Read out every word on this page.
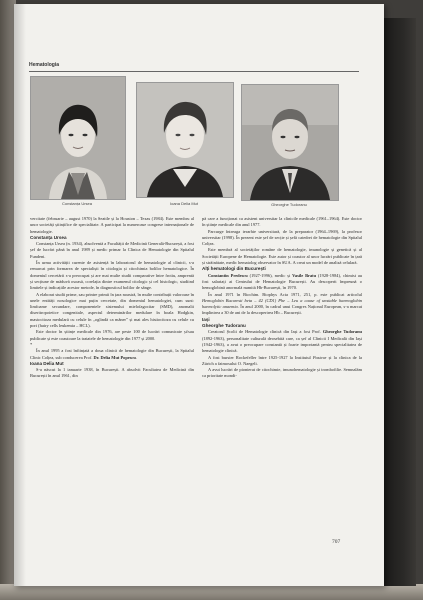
Hematologia
Constanța Ursea	Ioana Delia Mut	Gheorghe Tudoranu

vercitate (februarie – august 1970) la Seattle și la Houston – Texas (1984). Este membru al unor societăți științifice de specialitate. A participat la numeroase congrese internaționale de hematologie.

Constanța Ursea

Constanța Ursea (n. 1934), absolventă a Facultății de Medicină Generală-București, a fost șef de lucrări până în anul 1989 și medic primar la Clinica de Hematologie din Spitalul Fundeni.

În urma activității curente de asistență în laboratorul de hematologie al clinicii, s-a remarcat prin formarea de specialiști în citologia și citochimia bolilor hematologice. În domeniul cercetării s-a preocupat și are mai multe studii comparative între frotiu, amprentă și secțiune de măduvă osoasă, corelația dintre examenul citologic și cel histologic, studiind limitele și indicațiile acestor metode, în diagnosticul bolilor de sânge.

A elaborat studii prime, sau printre primii în țara noastră, în multe contribuții valoroase în unele entități nosologice mai puțin cercetate, din domeniul hematologiei, cum sunt: limfoame secundare, componentele sistemului mielofagocitar (SMD), anomalii diseritropoietice congenitale, aspectul determinărilor medulare în boala Hodgkin, mastocitoza medulară cu celule în „oglindă ca mâner” și mai ales histiocitoza cu celule cu pori (hairy cells leukemia – HCL).

Este doctor în științe medicale din 1976, are peste 100 de lucrări comunicate și/sau publicate și este coautoare la tratatele de hematologie din 1977 și 2000.

*

În anul 1995 a fost înființată a doua clinică de hematologie din București, la Spitalul Clinic Colțea, sub conducerea Prof. Dr. Delia Mut Popescu.

Ioana Delia Mut

S-a născut la 1 ianuarie 1938, în București. A absolvit Facultatea de Medicină din București în anul 1961, din

pă care a funcționat ca asistent universitar la clinicile medicale (1961–1964). Este doctor în științe medicale din anul 1977.

Parcurge întreaga ierarhie universitară, de la preparator (1964–1969), la profesor universitar (1998). În prezent este șef de secție și șefă catedrei de hematologie din Spitalul Colțea.

Este membră al societăților române de hematologie, imunologie și genetică și al Societății Europene de Hematologie. Este autor și coautor al unor lucrări publicate în țară și străinătate, medic hematolog observator în SUA. A creat un model de analiză celulară.

Alți hematologi din București

Constantin Predescu (1927-1996), medic și Vasile Bratu (1928-1984), chimist au fost salariați ai Centrului de Hematologie București. Au descoperit împreună o hemoglobină anormală numită Hb-București, în 1970.

În anul 1971 în Biochim. Biophys Acta 1971, 251, p. este publicat articolul Hemoglobin Bucuresti beta – 42 (CD1) Phe – Leu a cause of unstable haemoglobin haemolytic anaemia. În anul 2000, în cadrul unui Congres Național European, s-a marcat împlinirea a 30 de ani de la descoperirea Hb – București.

Iași

Gheorghe Tudoranu

Creatorul Școlii de Hematologie clinică din Iași a fost Prof. Gheorghe Tudoranu (1892-1963), personalitate culturală deosebită care, ca șef al Clinicii I Medicală din Iași (1942-1963), a avut o preocupare constantă și foarte importantă pentru specialitatea de hematologie clinică.

A fost bursier Rockefeller între 1925-1927 la Institutul Pasteur și la clinica de la Zürich a faimosului O. Naegeli.

A avut lucrări de pionierat de citochimie, imunohematologie și trombofilie. Semnalăm ca prioritate mondi-

707
